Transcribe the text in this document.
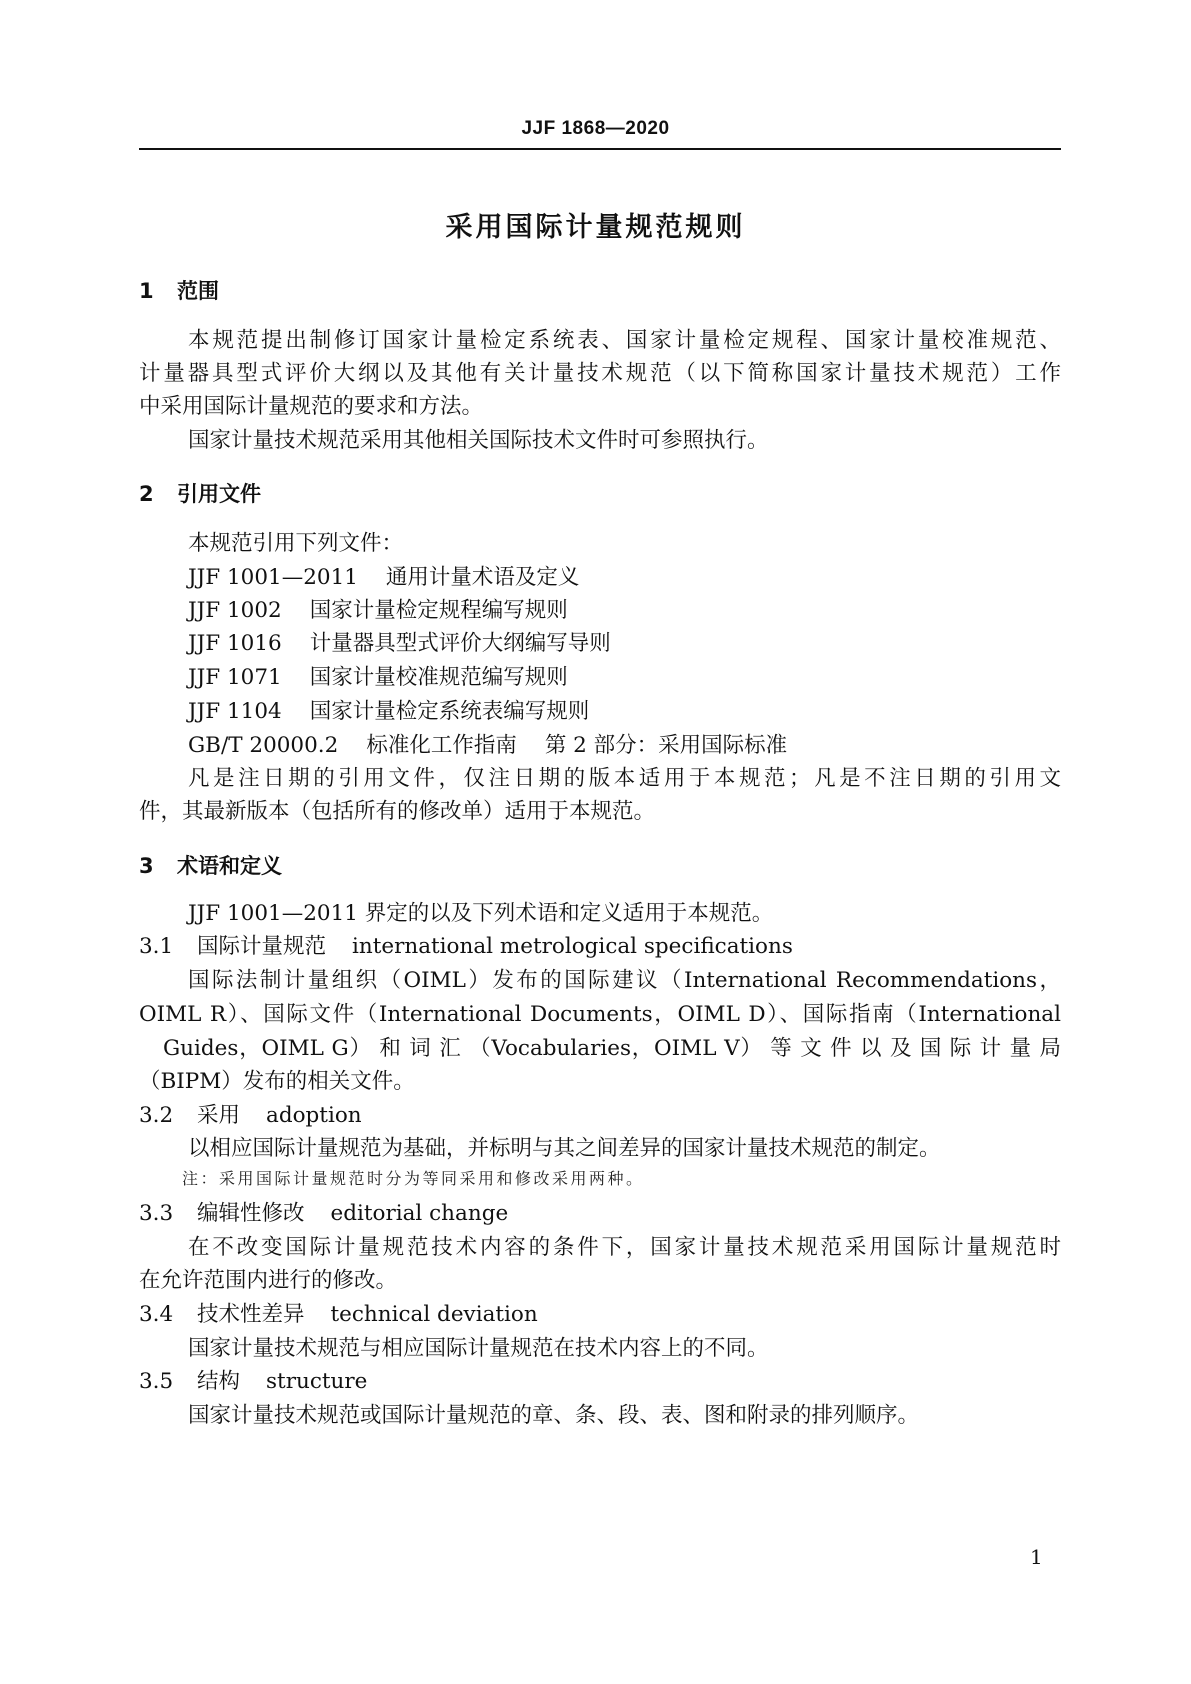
JJF 1868—2020
采用国际计量规范规则
1 范围
本规范提出制修订国家计量检定系统表、国家计量检定规程、国家计量校准规范、
计量器具型式评价大纲以及其他有关计量技术规范（以下简称国家计量技术规范）工作
中采用国际计量规范的要求和方法。
国家计量技术规范采用其他相关国际技术文件时可参照执行。
2 引用文件
本规范引用下列文件：
JJF 1001—2011 通用计量术语及定义
JJF 1002 国家计量检定规程编写规则
JJF 1016 计量器具型式评价大纲编写导则
JJF 1071 国家计量校准规范编写规则
JJF 1104 国家计量检定系统表编写规则
GB/T 20000.2 标准化工作指南 第 2 部分：采用国际标准
凡是注日期的引用文件，仅注日期的版本适用于本规范；凡是不注日期的引用文
件，其最新版本（包括所有的修改单）适用于本规范。
3 术语和定义
JJF 1001—2011 界定的以及下列术语和定义适用于本规范。
3.1 国际计量规范 international metrological specifications
国际法制计量组织（OIML）发布的国际建议（International Recommendations，
OIML R）、国际文件（International Documents，OIML D）、国际指南（International
Guides，OIML G） 和 词 汇 （Vocabularies，OIML V） 等 文 件 以 及 国 际 计 量 局
（BIPM）发布的相关文件。
3.2 采用 adoption
以相应国际计量规范为基础，并标明与其之间差异的国家计量技术规范的制定。
注：采用国际计量规范时分为等同采用和修改采用两种。
3.3 编辑性修改 editorial change
在不改变国际计量规范技术内容的条件下，国家计量技术规范采用国际计量规范时
在允许范围内进行的修改。
3.4 技术性差异 technical deviation
国家计量技术规范与相应国际计量规范在技术内容上的不同。
3.5 结构 structure
国家计量技术规范或国际计量规范的章、条、段、表、图和附录的排列顺序。
1
